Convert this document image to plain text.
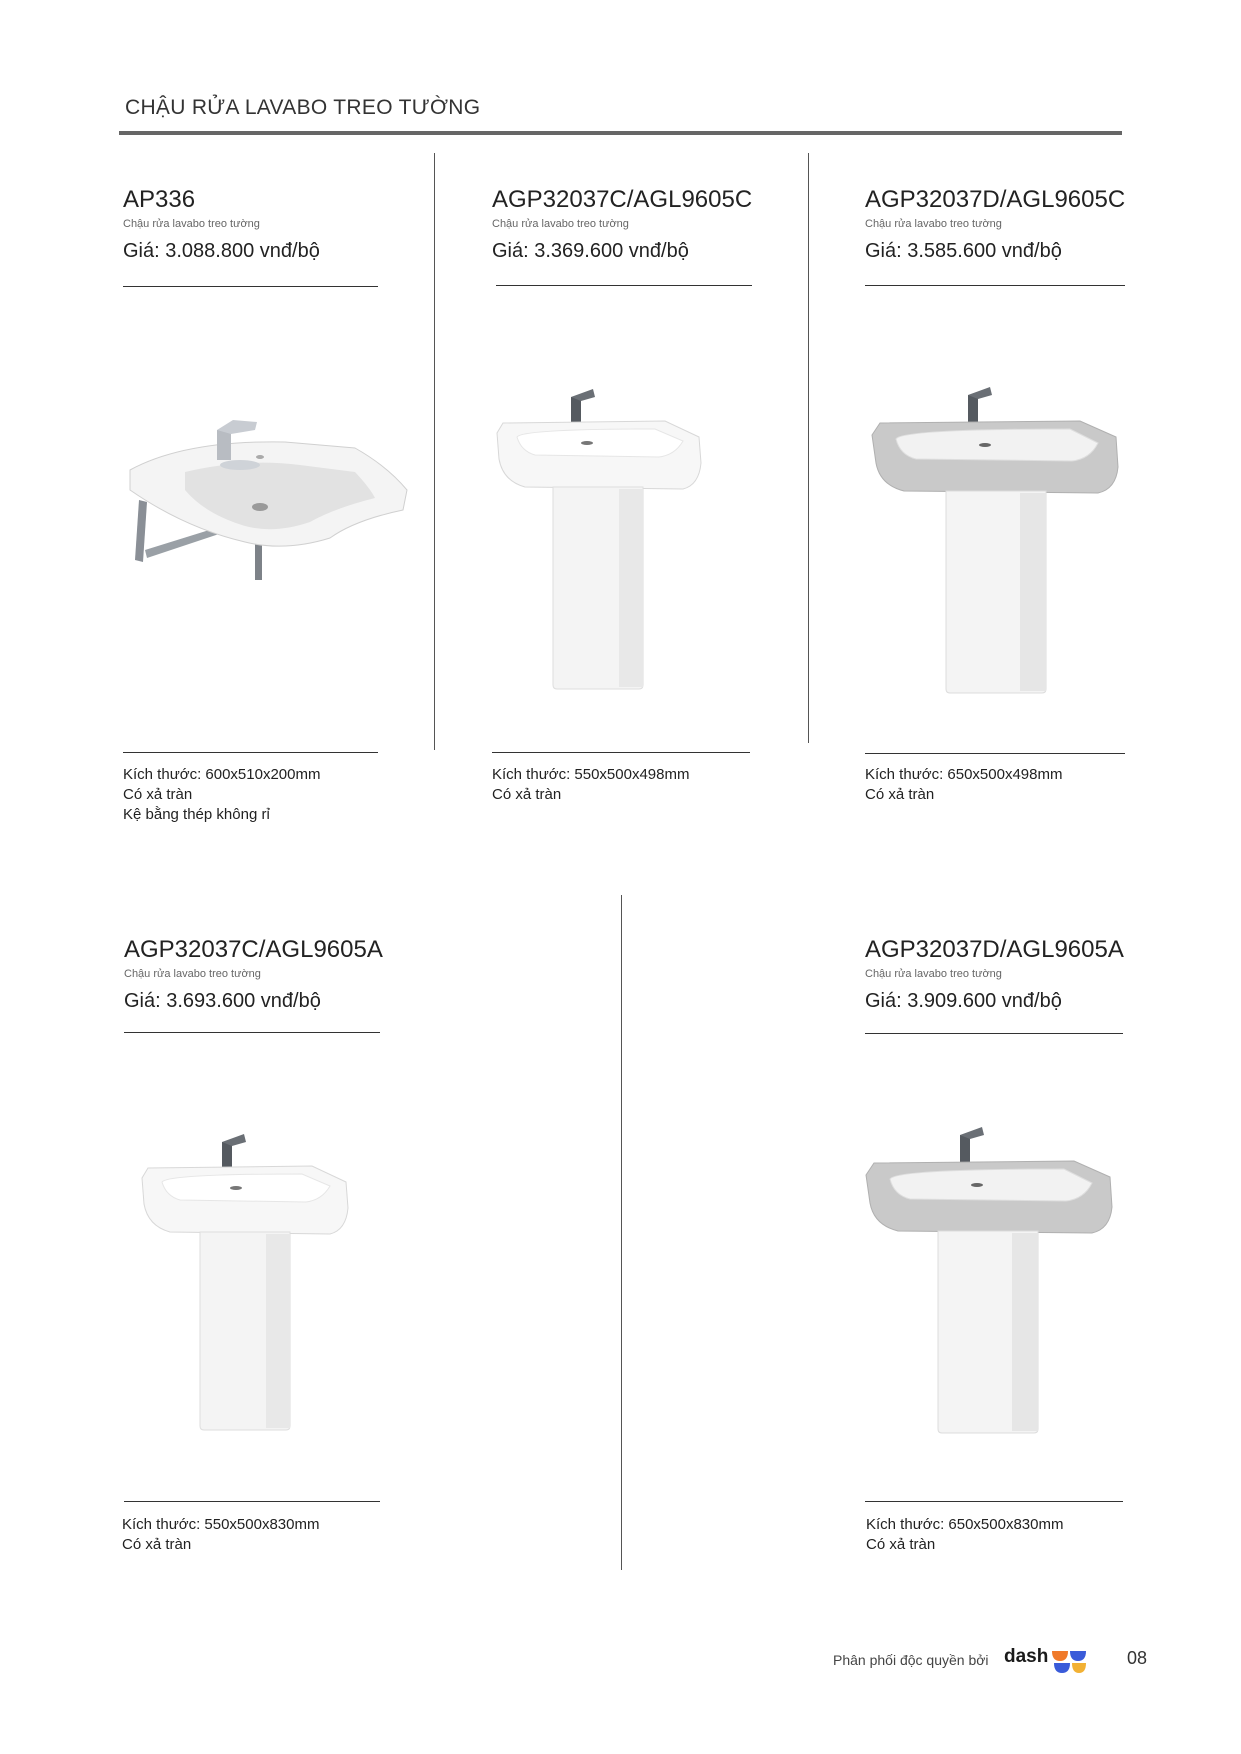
CHẬU RỬA LAVABO TREO TƯỜNG
AP336
Chậu rửa lavabo treo tường
Giá: 3.088.800 vnđ/bộ
Kích thước: 600x510x200mm
Có xả tràn
Kệ bằng thép không rỉ
AGP32037C/AGL9605C
Chậu rửa lavabo treo tường
Giá: 3.369.600 vnđ/bộ
Kích thước: 550x500x498mm
Có xả tràn
AGP32037D/AGL9605C
Chậu rửa lavabo treo tường
Giá: 3.585.600 vnđ/bộ
Kích thước: 650x500x498mm
Có xả tràn
AGP32037C/AGL9605A
Chậu rửa lavabo treo tường
Giá: 3.693.600 vnđ/bộ
Kích thước: 550x500x830mm
Có xả tràn
AGP32037D/AGL9605A
Chậu rửa lavabo treo tường
Giá: 3.909.600 vnđ/bộ
Kích thước: 650x500x830mm
Có xả tràn
Phân phối độc quyền bởi dash	08
